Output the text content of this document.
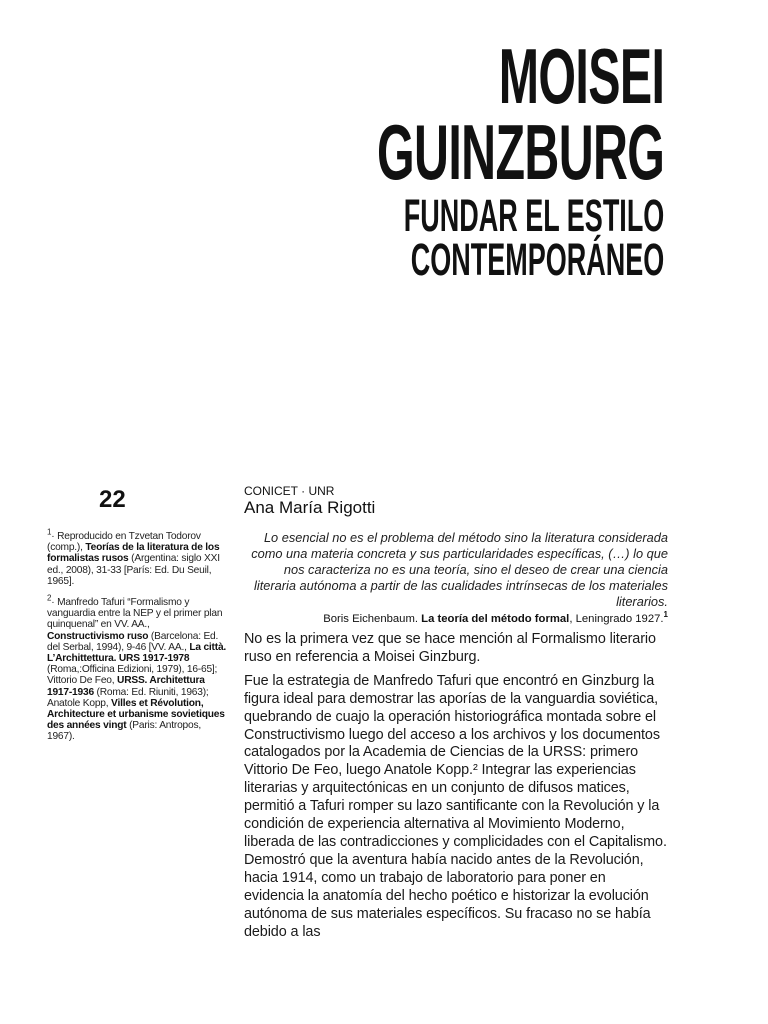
MOISEI
GUINZBURG
FUNDAR EL ESTILO
CONTEMPORÁNEO
22

$^1$· Reproducido en Tzvetan Todorov (comp.), Teorías de la literatura de los formalistas rusos (Argentina: siglo XXI ed., 2008), 31-33 [París: Ed. Du Seuil, 1965].

$^2$· Manfredo Tafuri “Formalismo y vanguardia entre la NEP y el primer plan quinquenal” en VV. AA., Constructivismo ruso (Barcelona: Ed. del Serbal, 1994), 9-46 [VV. AA., La città. L’Archittettura. URS 1917-1978 (Roma,:Officina Edizioni, 1979), 16-65]; Vittorio De Feo, URSS. Architettura 1917-1936 (Roma: Ed. Riuniti, 1963); Anatole Kopp, Villes et Révolution, Architecture et urbanisme sovietiques des années vingt (Paris: Antropos, 1967).

CONICET · UNR
Ana María Rigotti

Lo esencial no es el problema del método sino la literatura considerada como una materia concreta y sus particularidades específicas, (…) lo que nos caracteriza no es una teoría, sino el deseo de crear una ciencia literaria autónoma a partir de las cualidades intrínsecas de los materiales literarios.

Boris Eichenbaum. La teoría del método formal, Leningrado 1927.$^1$

No es la primera vez que se hace mención al Formalismo literario ruso en referencia a Moisei Ginzburg.

Fue la estrategia de Manfredo Tafuri que encontró en Ginzburg la figura ideal para demostrar las aporías de la vanguardia soviética, quebrando de cuajo la operación historiográfica montada sobre el Constructivismo luego del acceso a los archivos y los documentos catalogados por la Academia de Ciencias de la URSS: primero Vittorio De Feo, luego Anatole Kopp.² Integrar las experiencias literarias y arquitectónicas en un conjunto de difusos matices, permitió a Tafuri romper su lazo santificante con la Revolución y la condición de experiencia alternativa al Movimiento Moderno, liberada de las contradicciones y complicidades con el Capitalismo. Demostró que la aventura había nacido antes de la Revolución, hacia 1914, como un trabajo de laboratorio para poner en evidencia la anatomía del hecho poético e historizar la evolución autónoma de sus materiales específicos. Su fracaso no se había debido a las
